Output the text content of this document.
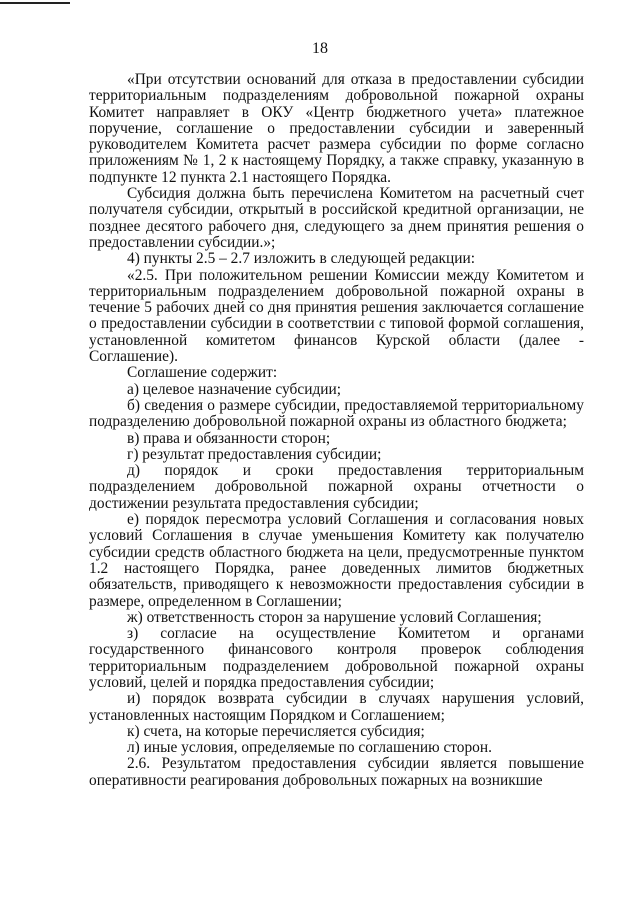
18

«При отсутствии оснований для отказа в предоставлении субсидии территориальным подразделениям добровольной пожарной охраны Комитет направляет в ОКУ «Центр бюджетного учета» платежное поручение, соглашение о предоставлении субсидии и заверенный руководителем Комитета расчет размера субсидии по форме согласно приложениям № 1, 2 к настоящему Порядку, а также справку, указанную в подпункте 12 пункта 2.1 настоящего Порядка.

Субсидия должна быть перечислена Комитетом на расчетный счет получателя субсидии, открытый в российской кредитной организации, не позднее десятого рабочего дня, следующего за днем принятия решения о предоставлении субсидии.»;

4) пункты 2.5 – 2.7 изложить в следующей редакции:

«2.5. При положительном решении Комиссии между Комитетом и территориальным подразделением добровольной пожарной охраны в течение 5 рабочих дней со дня принятия решения заключается соглашение о предоставлении субсидии в соответствии с типовой формой соглашения, установленной комитетом финансов Курской области (далее - Соглашение).

Соглашение содержит:

а) целевое назначение субсидии;

б) сведения о размере субсидии, предоставляемой территориальному подразделению добровольной пожарной охраны из областного бюджета;

в) права и обязанности сторон;

г) результат предоставления субсидии;

д) порядок и сроки предоставления территориальным подразделением добровольной пожарной охраны отчетности о достижении результата предоставления субсидии;

е) порядок пересмотра условий Соглашения и согласования новых условий Соглашения в случае уменьшения Комитету как получателю субсидии средств областного бюджета на цели, предусмотренные пунктом 1.2 настоящего Порядка, ранее доведенных лимитов бюджетных обязательств, приводящего к невозможности предоставления субсидии в размере, определенном в Соглашении;

ж) ответственность сторон за нарушение условий Соглашения;

з) согласие на осуществление Комитетом и органами государственного финансового контроля проверок соблюдения территориальным подразделением добровольной пожарной охраны условий, целей и порядка предоставления субсидии;

и) порядок возврата субсидии в случаях нарушения условий, установленных настоящим Порядком и Соглашением;

к) счета, на которые перечисляется субсидия;

л) иные условия, определяемые по соглашению сторон.

2.6. Результатом предоставления субсидии является повышение оперативности реагирования добровольных пожарных на возникшие
